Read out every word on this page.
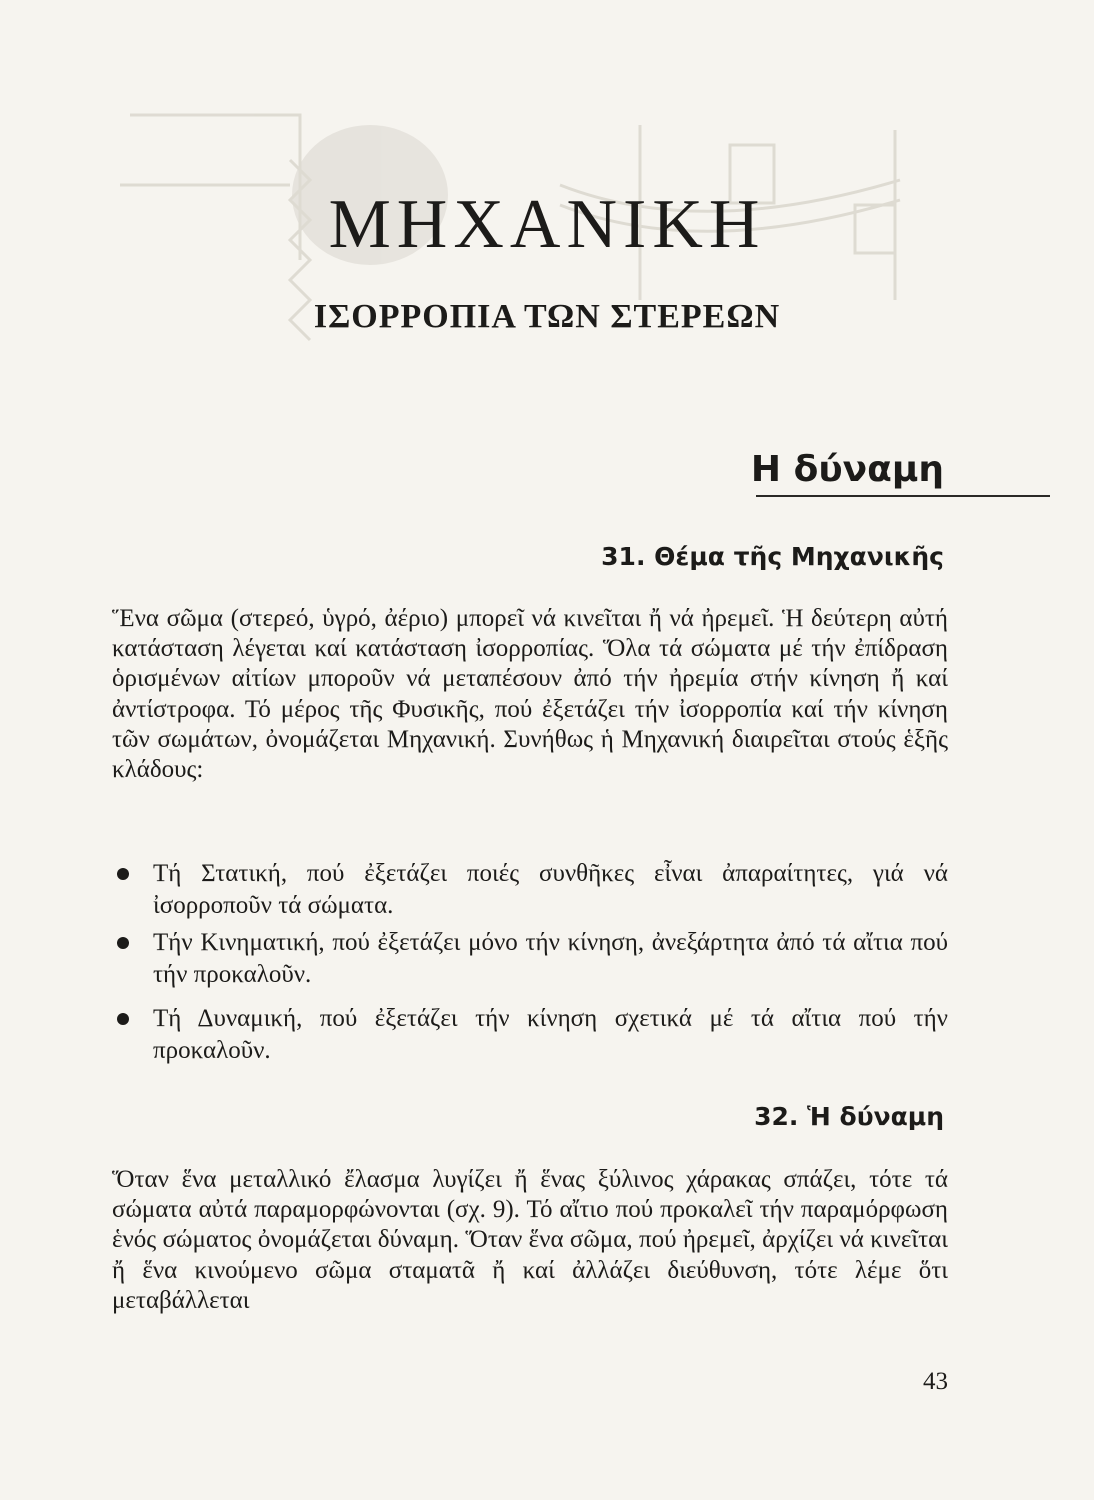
ΜΗΧΑΝΙΚΗ
ΙΣΟΡΡΟΠΙΑ ΤΩΝ ΣΤΕΡΕΩΝ
Η δύναμη
31. Θέμα τῆς Μηχανικῆς

Ἕνα σῶμα (στερεό, ὑγρό, ἀέριο) μπορεῖ νά κινεῖται ἤ νά ἠρεμεῖ. Ἡ δεύτερη αὐτή κατάσταση λέγεται καί κατάσταση ἰσορροπίας. Ὅλα τά σώματα μέ τήν ἐπίδραση ὁρισμένων αἰτίων μποροῦν νά μεταπέσουν ἀπό τήν ἠρεμία στήν κίνηση ἤ καί ἀντίστροφα. Τό μέρος τῆς Φυσικῆς, πού ἐξετάζει τήν ἰσορροπία καί τήν κίνηση τῶν σωμάτων, ὀνομάζεται Μηχανική. Συνήθως ἡ Μηχανική διαιρεῖται στούς ἑξῆς κλάδους:

Τή Στατική, πού ἐξετάζει ποιές συνθῆκες εἶναι ἀπαραίτητες, γιά νά ἰσορροποῦν τά σώματα.
Τήν Κινηματική, πού ἐξετάζει μόνο τήν κίνηση, ἀνεξάρτητα ἀπό τά αἴτια πού τήν προκαλοῦν.
Τή Δυναμική, πού ἐξετάζει τήν κίνηση σχετικά μέ τά αἴτια πού τήν προκαλοῦν.
32. Ἡ δύναμη

Ὅταν ἕνα μεταλλικό ἔλασμα λυγίζει ἤ ἕνας ξύλινος χάρακας σπάζει, τότε τά σώματα αὐτά παραμορφώνονται (σχ. 9). Τό αἴτιο πού προκαλεῖ τήν παραμόρφωση ἑνός σώματος ὀνομάζεται δύναμη. Ὅταν ἕνα σῶμα, πού ἠρεμεῖ, ἀρχίζει νά κινεῖται ἤ ἕνα κινούμενο σῶμα σταματᾶ ἤ καί ἀλλάζει διεύθυνση, τότε λέμε ὅτι μεταβάλλεται

43
